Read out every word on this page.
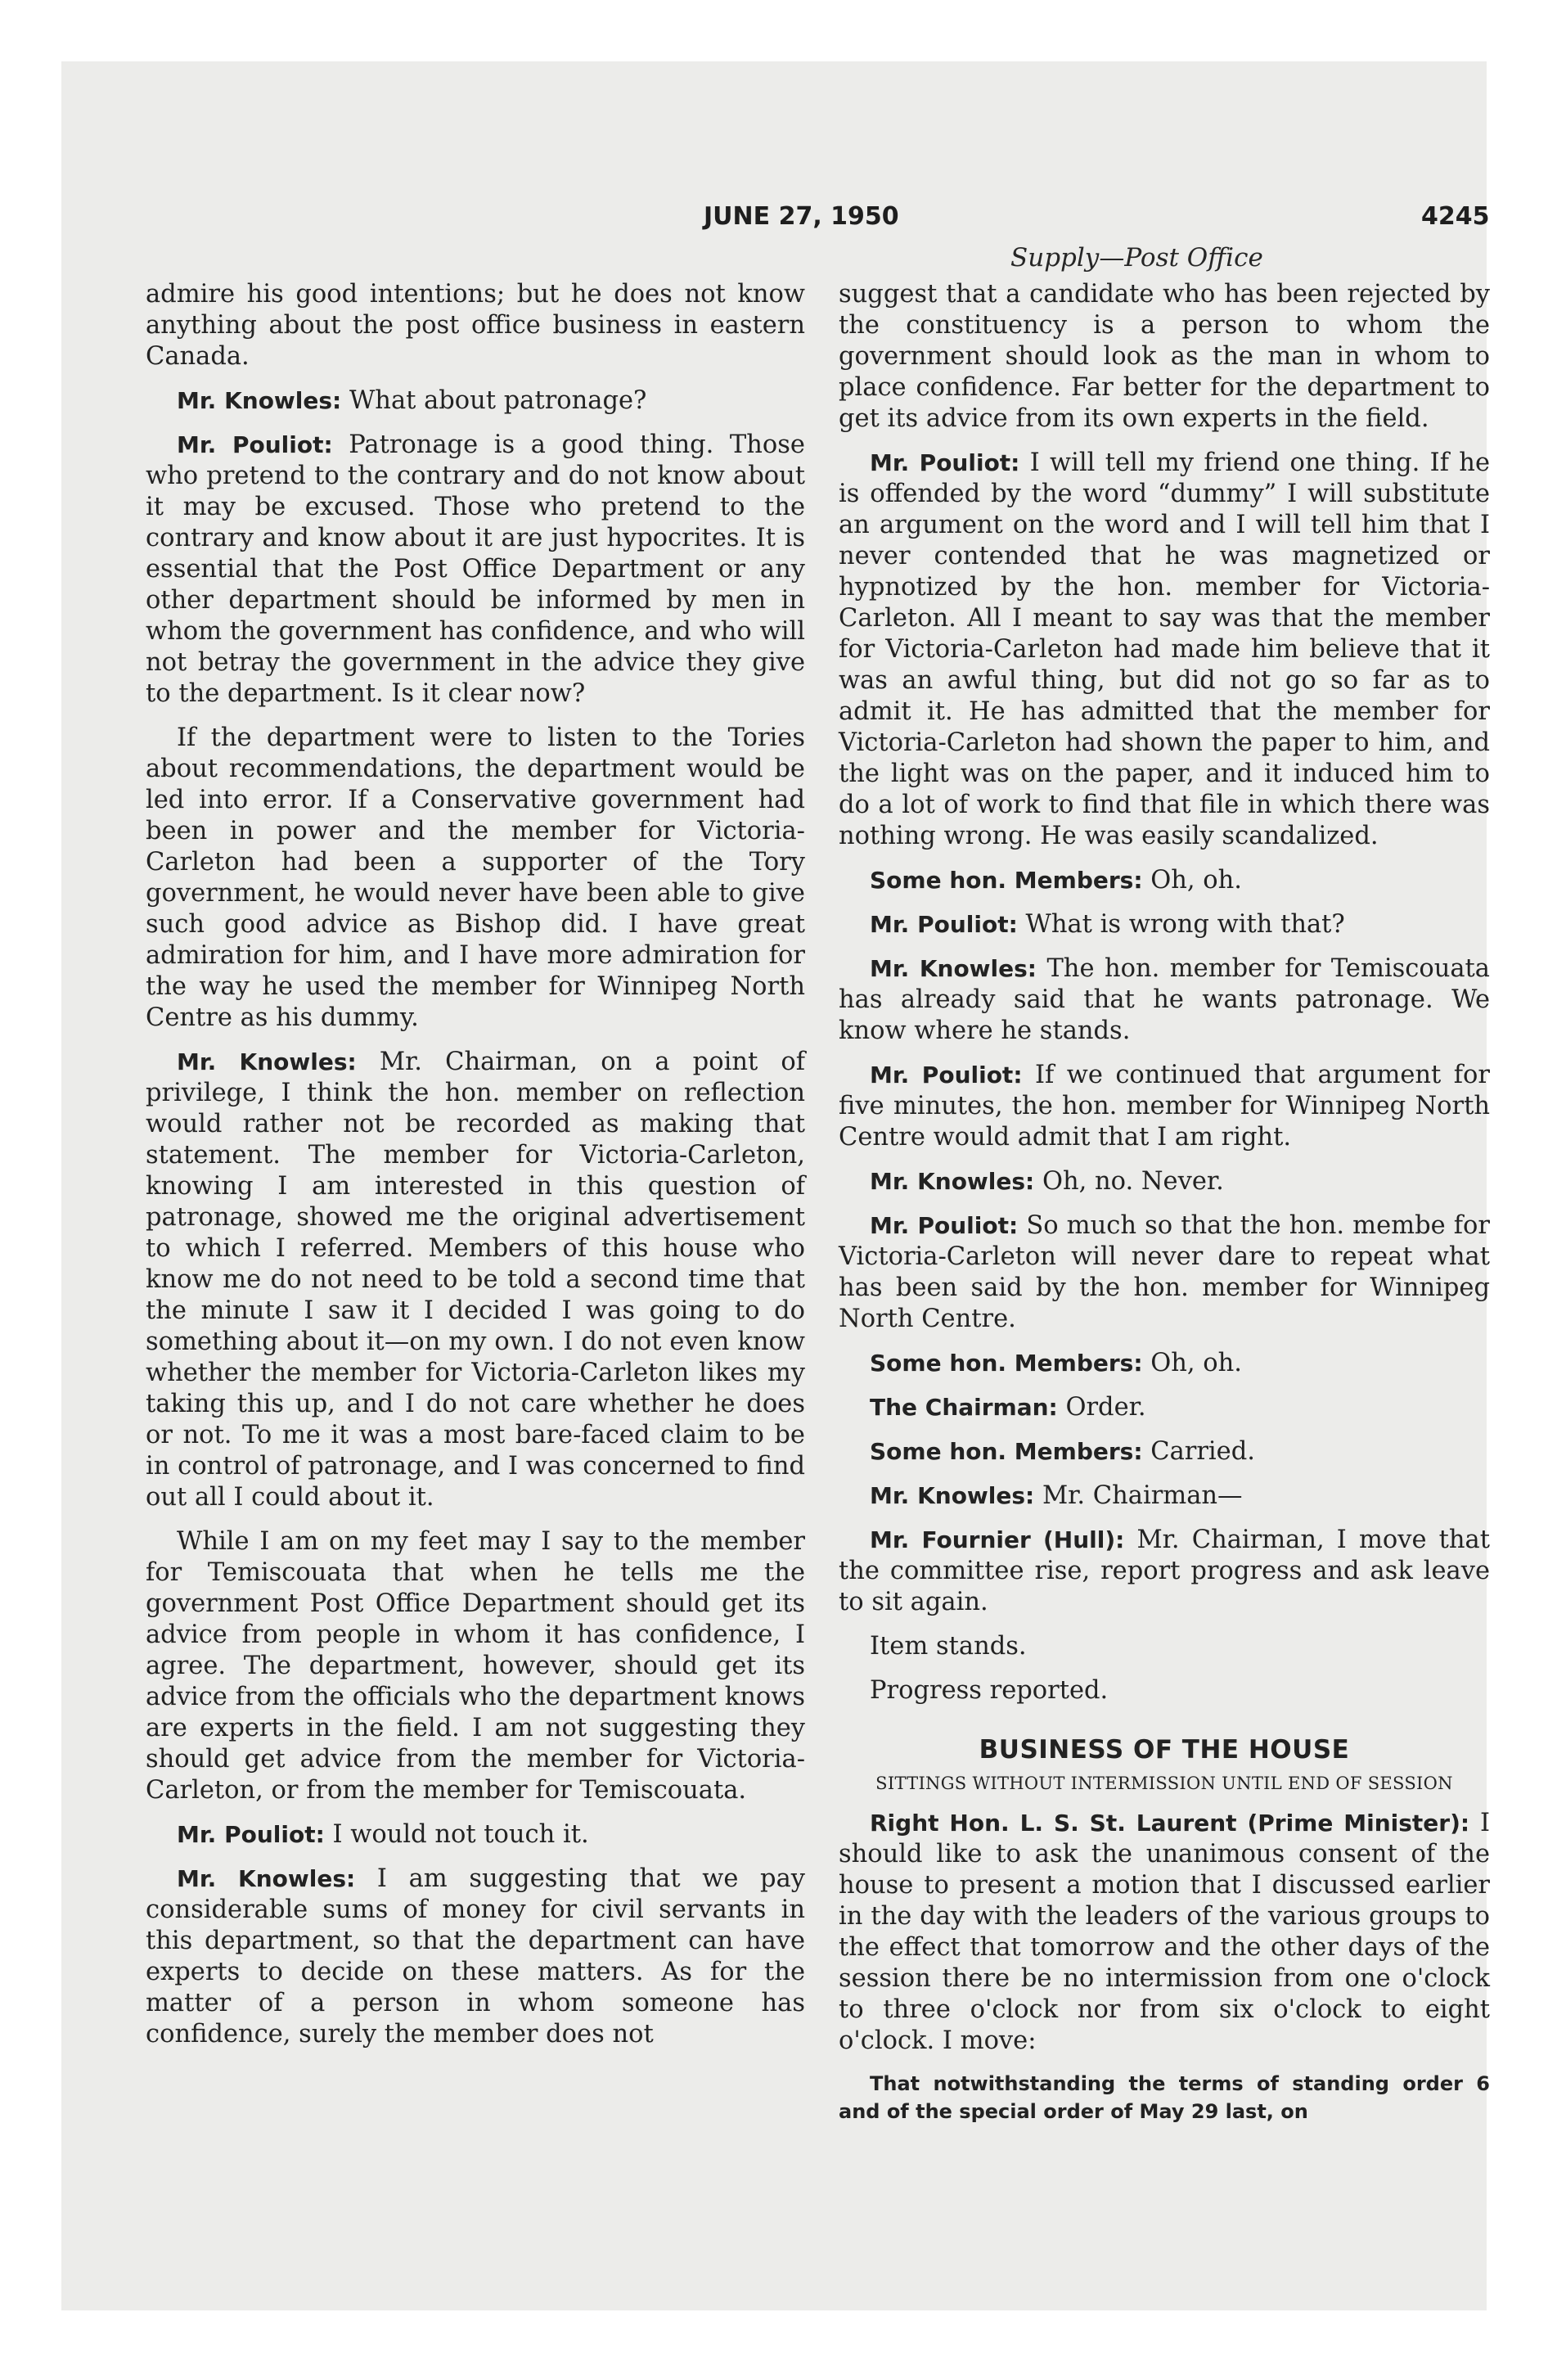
JUNE 27, 1950	4245
Supply—Post Office

admire his good intentions; but he does not know anything about the post office business in eastern Canada.

Mr. Knowles: What about patronage?

Mr. Pouliot: Patronage is a good thing. Those who pretend to the contrary and do not know about it may be excused. Those who pretend to the contrary and know about it are just hypocrites. It is essential that the Post Office Department or any other department should be informed by men in whom the government has confidence, and who will not betray the government in the advice they give to the department. Is it clear now?

If the department were to listen to the Tories about recommendations, the department would be led into error. If a Conservative government had been in power and the member for Victoria-Carleton had been a supporter of the Tory government, he would never have been able to give such good advice as Bishop did. I have great admiration for him, and I have more admiration for the way he used the member for Winnipeg North Centre as his dummy.

Mr. Knowles: Mr. Chairman, on a point of privilege, I think the hon. member on reflection would rather not be recorded as making that statement. The member for Victoria-Carleton, knowing I am interested in this question of patronage, showed me the original advertisement to which I referred. Members of this house who know me do not need to be told a second time that the minute I saw it I decided I was going to do something about it—on my own. I do not even know whether the member for Victoria-Carleton likes my taking this up, and I do not care whether he does or not. To me it was a most bare-faced claim to be in control of patronage, and I was concerned to find out all I could about it.

While I am on my feet may I say to the member for Temiscouata that when he tells me the government Post Office Department should get its advice from people in whom it has confidence, I agree. The department, however, should get its advice from the officials who the department knows are experts in the field. I am not suggesting they should get advice from the member for Victoria-Carleton, or from the member for Temiscouata.

Mr. Pouliot: I would not touch it.

Mr. Knowles: I am suggesting that we pay considerable sums of money for civil servants in this department, so that the department can have experts to decide on these matters. As for the matter of a person in whom someone has confidence, surely the member does not

suggest that a candidate who has been rejected by the constituency is a person to whom the government should look as the man in whom to place confidence. Far better for the department to get its advice from its own experts in the field.

Mr. Pouliot: I will tell my friend one thing. If he is offended by the word “dummy” I will substitute an argument on the word and I will tell him that I never contended that he was magnetized or hypnotized by the hon. member for Victoria-Carleton. All I meant to say was that the member for Victoria-Carleton had made him believe that it was an awful thing, but did not go so far as to admit it. He has admitted that the member for Victoria-Carleton had shown the paper to him, and the light was on the paper, and it induced him to do a lot of work to find that file in which there was nothing wrong. He was easily scandalized.

Some hon. Members: Oh, oh.

Mr. Pouliot: What is wrong with that?

Mr. Knowles: The hon. member for Temiscouata has already said that he wants patronage. We know where he stands.

Mr. Pouliot: If we continued that argument for five minutes, the hon. member for Winnipeg North Centre would admit that I am right.

Mr. Knowles: Oh, no. Never.

Mr. Pouliot: So much so that the hon. membe for Victoria-Carleton will never dare to repeat what has been said by the hon. member for Winnipeg North Centre.

Some hon. Members: Oh, oh.

The Chairman: Order.

Some hon. Members: Carried.

Mr. Knowles: Mr. Chairman—

Mr. Fournier (Hull): Mr. Chairman, I move that the committee rise, report progress and ask leave to sit again.

Item stands.

Progress reported.

BUSINESS OF THE HOUSE
SITTINGS WITHOUT INTERMISSION UNTIL END OF SESSION

Right Hon. L. S. St. Laurent (Prime Minister): I should like to ask the unanimous consent of the house to present a motion that I discussed earlier in the day with the leaders of the various groups to the effect that tomorrow and the other days of the session there be no intermission from one o'clock to three o'clock nor from six o'clock to eight o'clock. I move:

That notwithstanding the terms of standing order 6 and of the special order of May 29 last, on
